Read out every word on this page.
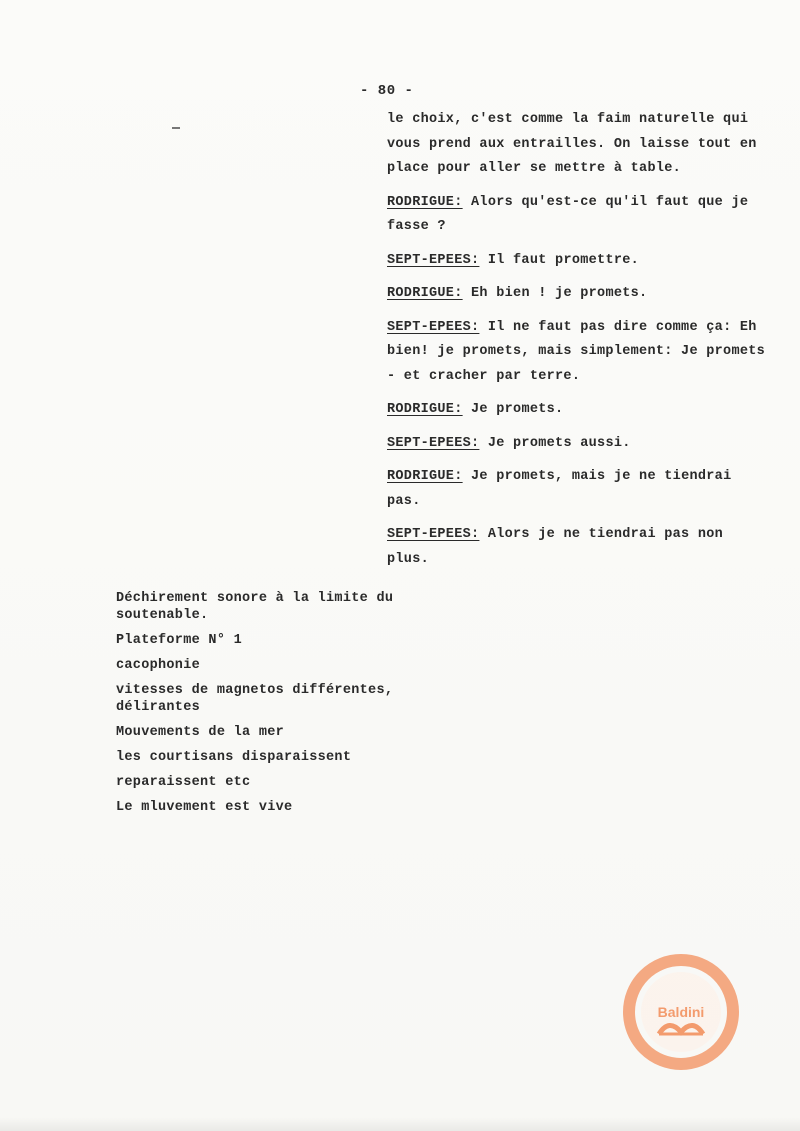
- 80 -

le choix, c'est comme la faim naturelle qui vous prend aux entrailles. On laisse tout en place pour aller se mettre à table.

RODRIGUE: Alors qu'est-ce qu'il faut que je fasse ?

SEPT-EPEES: Il faut promettre.

RODRIGUE: Eh bien ! je promets.

SEPT-EPEES: Il ne faut pas dire comme ça: Eh bien! je promets, mais simplement: Je promets - et cracher par terre.

RODRIGUE: Je promets.

SEPT-EPEES: Je promets aussi.

RODRIGUE: Je promets, mais je ne tiendrai pas.

SEPT-EPEES: Alors je ne tiendrai pas non plus.

Déchirement sonore à la limite du soutenable.

Plateforme N° 1

cacophonie

vitesses de magnetos différentes, délirantes

Mouvements de la mer

les courtisans disparaissent

reparaissent etc

Le mluvement est vive

Baldini
